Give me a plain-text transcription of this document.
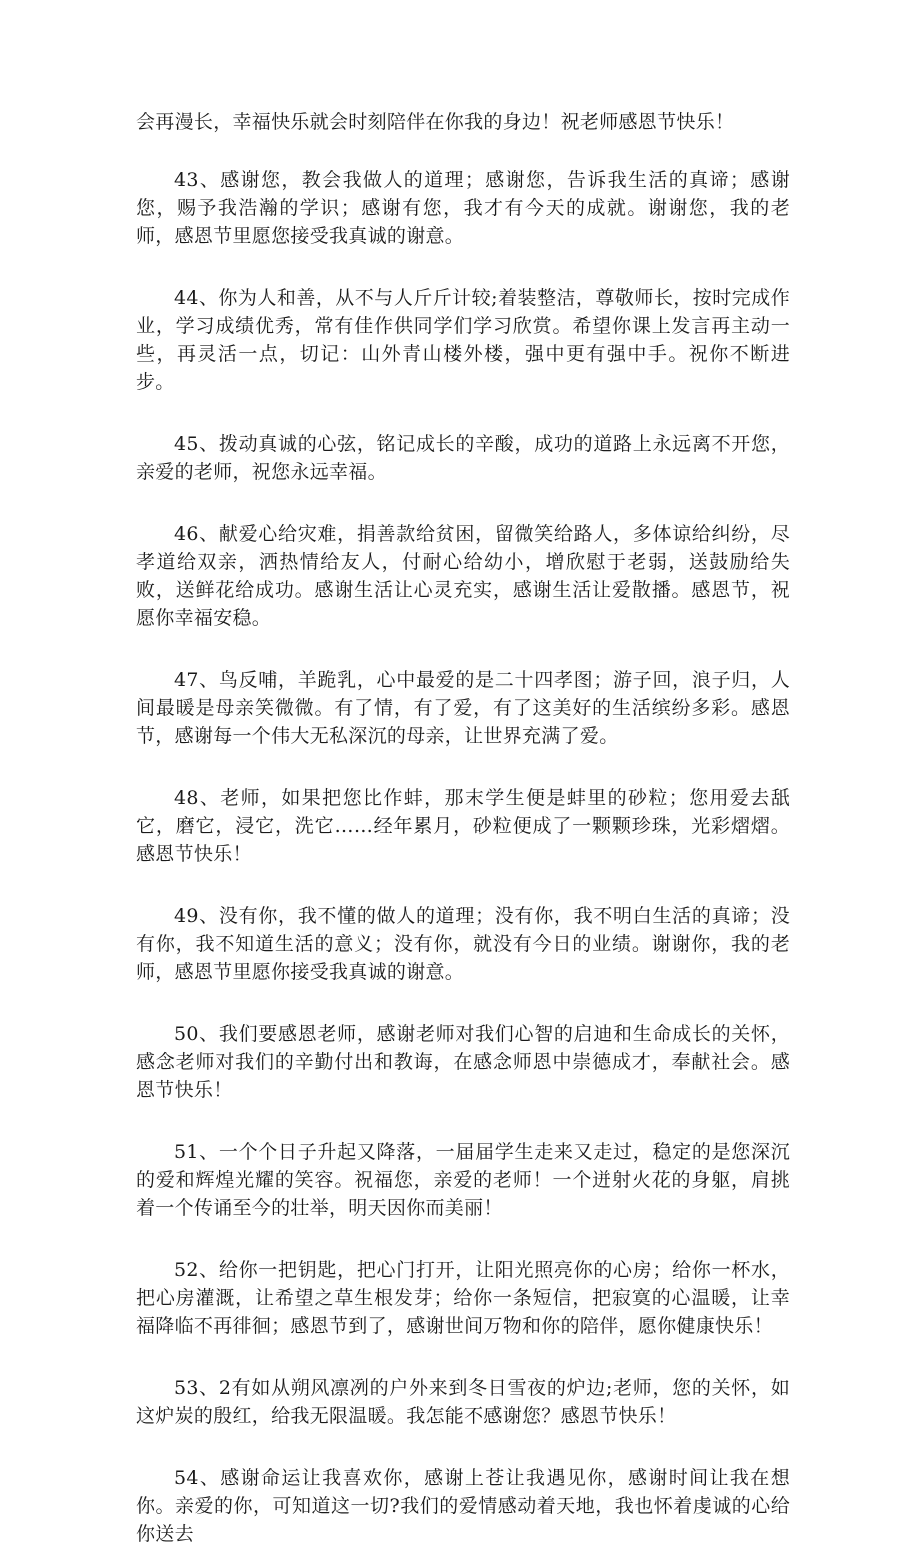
会再漫长，幸福快乐就会时刻陪伴在你我的身边！祝老师感恩节快乐！

43、感谢您，教会我做人的道理；感谢您，告诉我生活的真谛；感谢您，赐予我浩瀚的学识；感谢有您，我才有今天的成就。谢谢您，我的老师，感恩节里愿您接受我真诚的谢意。

44、你为人和善，从不与人斤斤计较;着装整洁，尊敬师长，按时完成作业，学习成绩优秀，常有佳作供同学们学习欣赏。希望你课上发言再主动一些，再灵活一点，切记：山外青山楼外楼，强中更有强中手。祝你不断进步。

45、拨动真诚的心弦，铭记成长的辛酸，成功的道路上永远离不开您，亲爱的老师，祝您永远幸福。

46、献爱心给灾难，捐善款给贫困，留微笑给路人，多体谅给纠纷，尽孝道给双亲，洒热情给友人，付耐心给幼小，增欣慰于老弱，送鼓励给失败，送鲜花给成功。感谢生活让心灵充实，感谢生活让爱散播。感恩节，祝愿你幸福安稳。

47、鸟反哺，羊跪乳，心中最爱的是二十四孝图；游子回，浪子归，人间最暖是母亲笑微微。有了情，有了爱，有了这美好的生活缤纷多彩。感恩节，感谢每一个伟大无私深沉的母亲，让世界充满了爱。

48、老师，如果把您比作蚌，那末学生便是蚌里的砂粒；您用爱去舐它，磨它，浸它，洗它……经年累月，砂粒便成了一颗颗珍珠，光彩熠熠。感恩节快乐！

49、没有你，我不懂的做人的道理；没有你，我不明白生活的真谛；没有你，我不知道生活的意义；没有你，就没有今日的业绩。谢谢你，我的老师，感恩节里愿你接受我真诚的谢意。

50、我们要感恩老师，感谢老师对我们心智的启迪和生命成长的关怀，感念老师对我们的辛勤付出和教诲，在感念师恩中崇德成才，奉献社会。感恩节快乐！

51、一个个日子升起又降落，一届届学生走来又走过，稳定的是您深沉的爱和辉煌光耀的笑容。祝福您，亲爱的老师！一个迸射火花的身躯，肩挑着一个传诵至今的壮举，明天因你而美丽！

52、给你一把钥匙，把心门打开，让阳光照亮你的心房；给你一杯水，把心房灌溉，让希望之草生根发芽；给你一条短信，把寂寞的心温暖，让幸福降临不再徘徊；感恩节到了，感谢世间万物和你的陪伴，愿你健康快乐！

53、2有如从朔风凛冽的户外来到冬日雪夜的炉边;老师，您的关怀，如这炉炭的殷红，给我无限温暖。我怎能不感谢您？感恩节快乐！

54、感谢命运让我喜欢你，感谢上苍让我遇见你，感谢时间让我在想你。亲爱的你，可知道这一切?我们的爱情感动着天地，我也怀着虔诚的心给你送去
